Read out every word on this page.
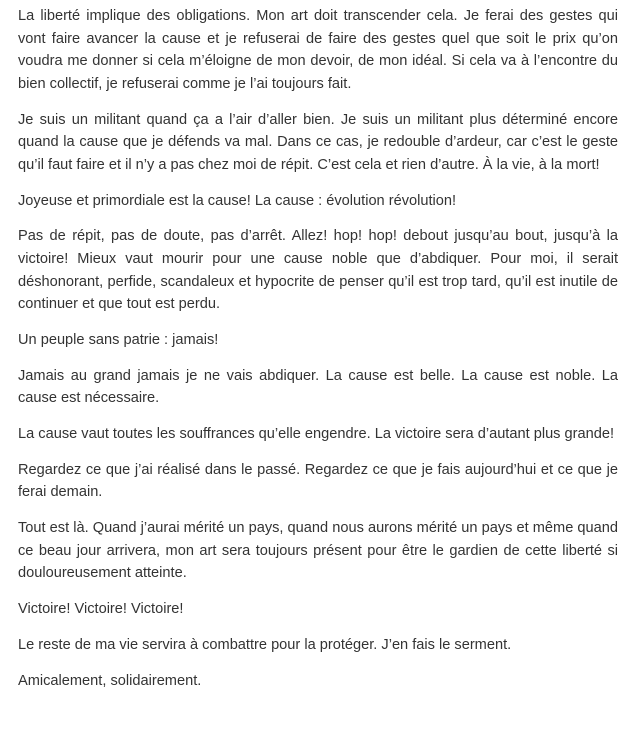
La liberté implique des obligations. Mon art doit transcender cela. Je ferai des gestes qui vont faire avancer la cause et je refuserai de faire des gestes quel que soit le prix qu’on voudra me donner si cela m’éloigne de mon devoir, de mon idéal. Si cela va à l’encontre du bien collectif, je refuserai comme je l’ai toujours fait.

Je suis un militant quand ça a l’air d’aller bien. Je suis un militant plus déterminé encore quand la cause que je défends va mal. Dans ce cas, je redouble d’ardeur, car c’est le geste qu’il faut faire et il n’y a pas chez moi de répit. C’est cela et rien d’autre. À la vie, à la mort!

Joyeuse et primordiale est la cause! La cause : évolution révolution!

Pas de répit, pas de doute, pas d’arrêt. Allez! hop! hop! debout jusqu’au bout, jusqu’à la victoire! Mieux vaut mourir pour une cause noble que d’abdiquer. Pour moi, il serait déshonorant, perfide, scandaleux et hypocrite de penser qu’il est trop tard, qu’il est inutile de continuer et que tout est perdu.

Un peuple sans patrie : jamais!

Jamais au grand jamais je ne vais abdiquer. La cause est belle. La cause est noble. La cause est nécessaire.

La cause vaut toutes les souffrances qu’elle engendre. La victoire sera d’autant plus grande!

Regardez ce que j’ai réalisé dans le passé. Regardez ce que je fais aujourd’hui et ce que je ferai demain.

Tout est là. Quand j’aurai mérité un pays, quand nous aurons mérité un pays et même quand ce beau jour arrivera, mon art sera toujours présent pour être le gardien de cette liberté si douloureusement atteinte.

Victoire! Victoire! Victoire!

Le reste de ma vie servira à combattre pour la protéger. J’en fais le serment.

Amicalement, solidairement.
